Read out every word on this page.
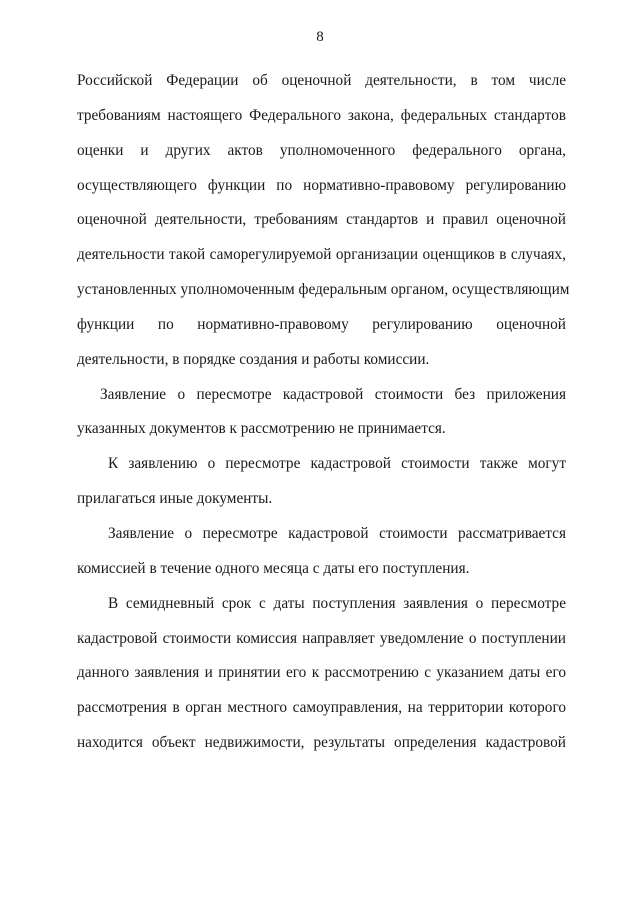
8
Российской Федерации об оценочной деятельности, в том числе
требованиям настоящего Федерального закона, федеральных стандартов
оценки и других актов уполномоченного федерального органа,
осуществляющего функции по нормативно-правовому регулированию
оценочной деятельности, требованиям стандартов и правил оценочной
деятельности такой саморегулируемой организации оценщиков в случаях,
установленных уполномоченным федеральным органом, осуществляющим
функции по нормативно-правовому регулированию оценочной
деятельности, в порядке создания и работы комиссии.
Заявление о пересмотре кадастровой стоимости без приложения
указанных документов к рассмотрению не принимается.
К заявлению о пересмотре кадастровой стоимости также могут
прилагаться иные документы.
Заявление о пересмотре кадастровой стоимости рассматривается
комиссией в течение одного месяца с даты его поступления.
В семидневный срок с даты поступления заявления о пересмотре
кадастровой стоимости комиссия направляет уведомление о поступлении
данного заявления и принятии его к рассмотрению с указанием даты его
рассмотрения в орган местного самоуправления, на территории которого
находится объект недвижимости, результаты определения кадастровой
